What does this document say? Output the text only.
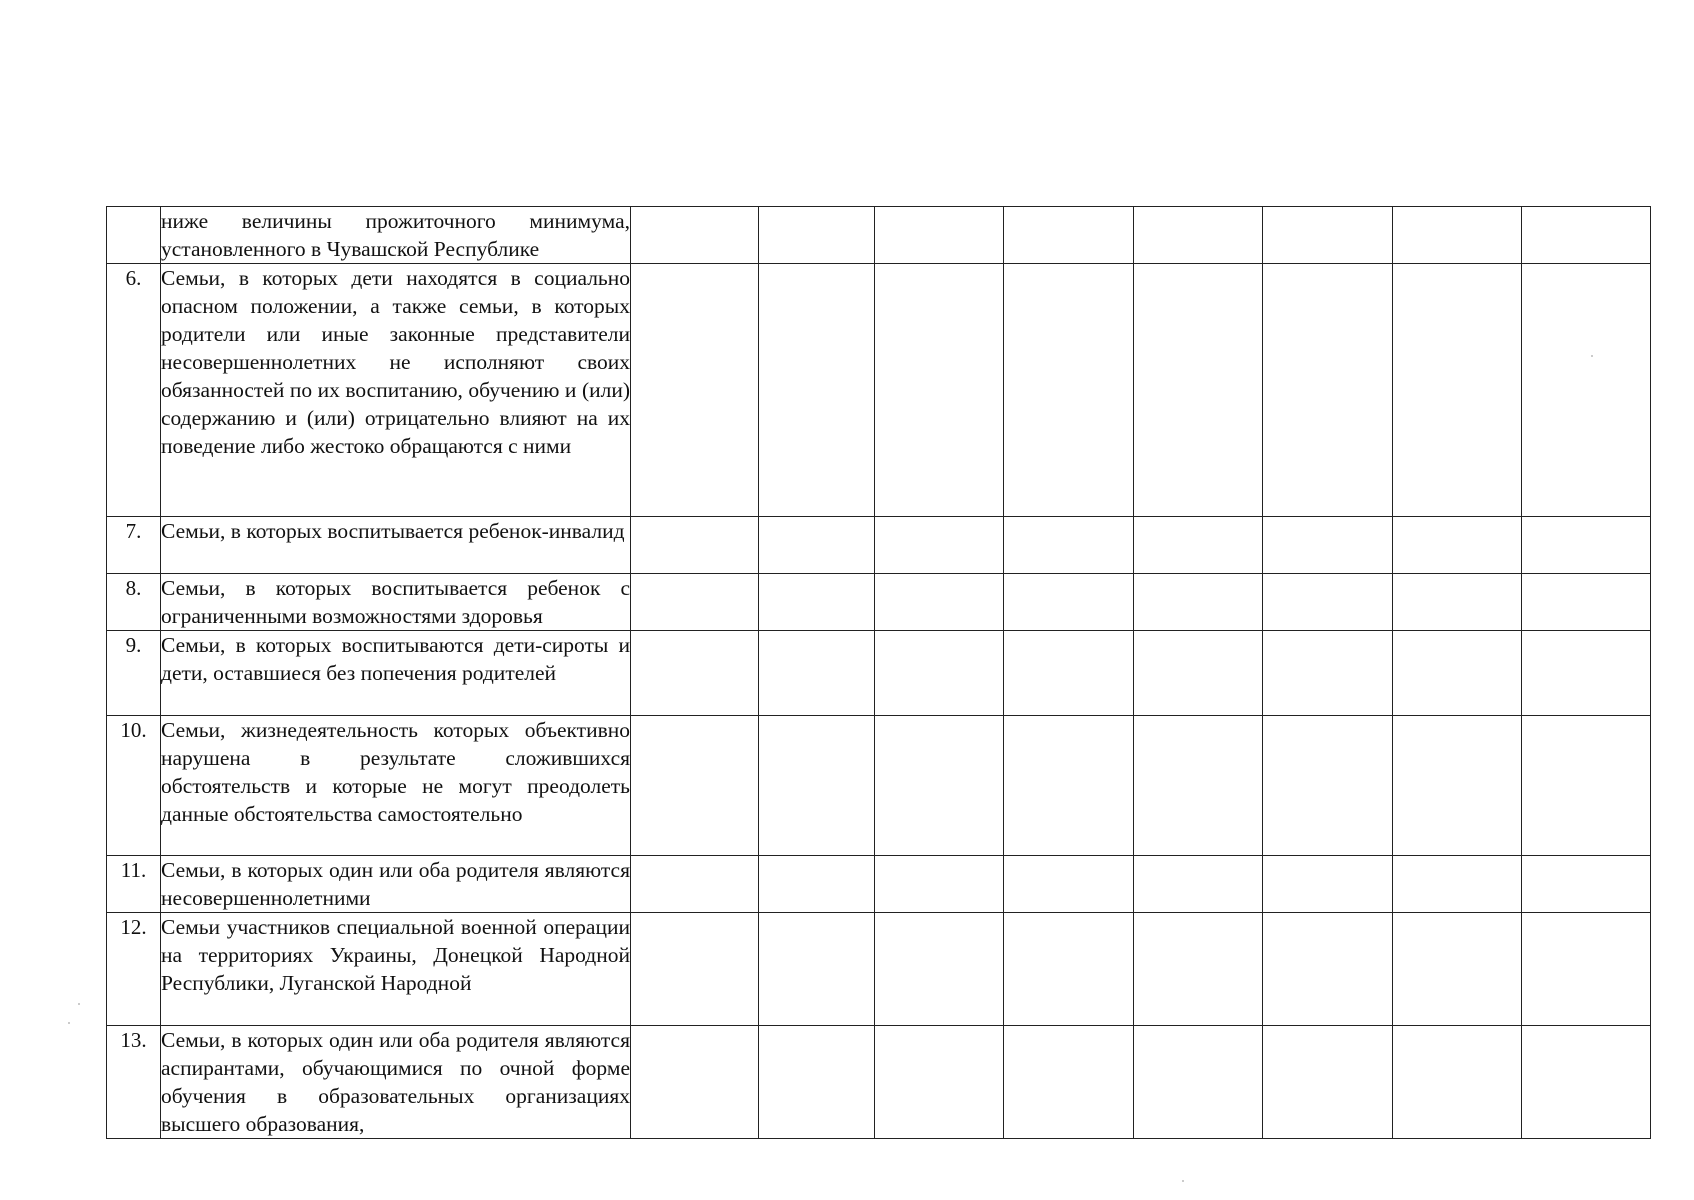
	ниже величины прожиточного минимума, установленного в Чувашской Республике								
6.	Семьи, в которых дети находятся в социально опасном положении, а также семьи, в которых родители или иные законные представители несовершеннолетних не исполняют своих обязанностей по их воспитанию, обучению и (или) содержанию и (или) отрицательно влияют на их поведение либо жестоко обращаются с ними								
7.	Семьи, в которых воспитывается ребенок-инвалид								
8.	Семьи, в которых воспитывается ребенок с ограниченными возможностями здоровья								
9.	Семьи, в которых воспитываются дети-сироты и дети, оставшиеся без попечения родителей								
10.	Семьи, жизнедеятельность которых объективно нарушена в результате сложившихся обстоятельств и которые не могут преодолеть данные обстоятельства самостоятельно								
11.	Семьи, в которых один или оба родителя являются несовершеннолетними								
12.	Семьи участников специальной военной операции на территориях Украины, Донецкой Народной Республики, Луганской Народной								
13.	Семьи, в которых один или оба родителя являются аспирантами, обучающимися по очной форме обучения в образовательных организациях высшего образования,								
